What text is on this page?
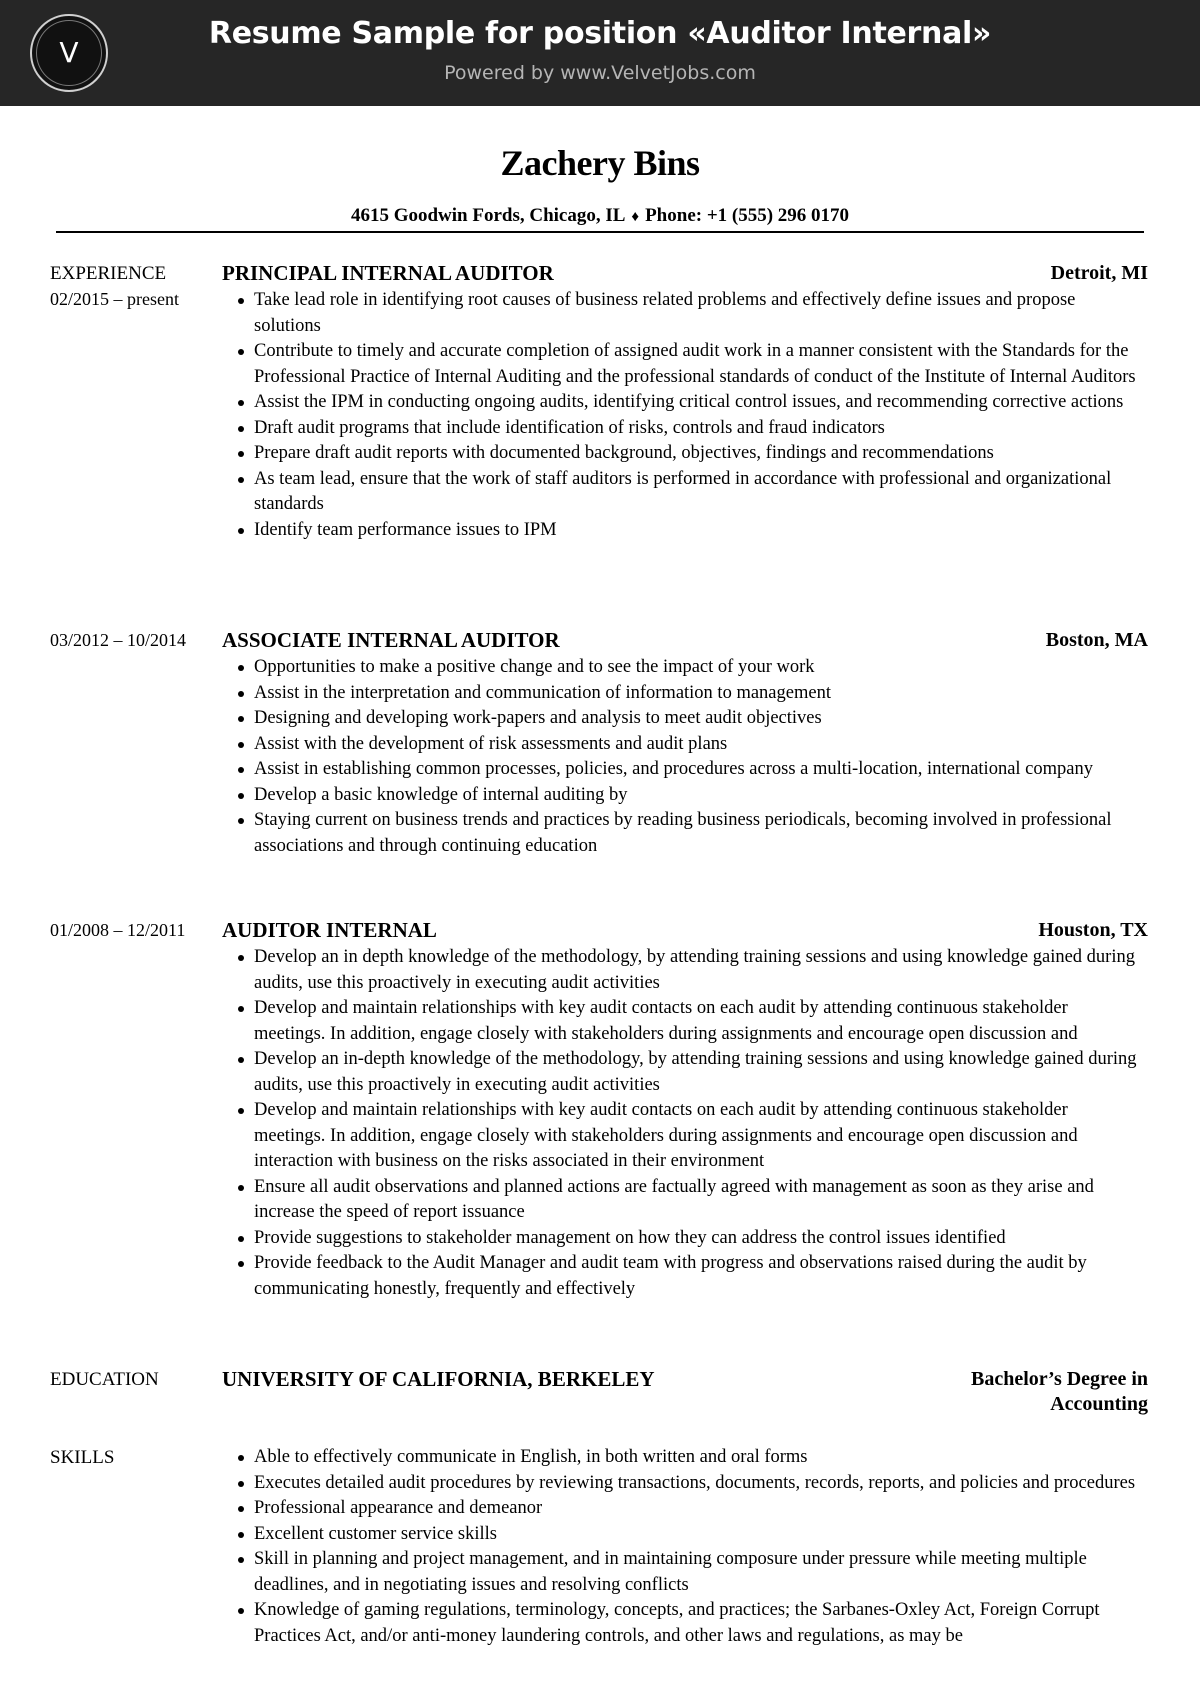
V
Resume Sample for position «Auditor Internal»
Powered by www.VelvetJobs.com
Zachery Bins
4615 Goodwin Fords, Chicago, IL ♦ Phone: +1 (555) 296 0170
EXPERIENCE
02/2015 – present
PRINCIPAL INTERNAL AUDITOR	Detroit, MI
Take lead role in identifying root causes of business related problems and effectively define issues and propose solutions
Contribute to timely and accurate completion of assigned audit work in a manner consistent with the Standards for the Professional Practice of Internal Auditing and the professional standards of conduct of the Institute of Internal Auditors
Assist the IPM in conducting ongoing audits, identifying critical control issues, and recommending corrective actions
Draft audit programs that include identification of risks, controls and fraud indicators
Prepare draft audit reports with documented background, objectives, findings and recommendations
As team lead, ensure that the work of staff auditors is performed in accordance with professional and organizational standards
Identify team performance issues to IPM
03/2012 – 10/2014 ASSOCIATE INTERNAL AUDITOR	Boston, MA
Opportunities to make a positive change and to see the impact of your work
Assist in the interpretation and communication of information to management
Designing and developing work-papers and analysis to meet audit objectives
Assist with the development of risk assessments and audit plans
Assist in establishing common processes, policies, and procedures across a multi-location, international company
Develop a basic knowledge of internal auditing by
Staying current on business trends and practices by reading business periodicals, becoming involved in professional associations and through continuing education
01/2008 – 12/2011 AUDITOR INTERNAL	Houston, TX
Develop an in depth knowledge of the methodology, by attending training sessions and using knowledge gained during audits, use this proactively in executing audit activities
Develop and maintain relationships with key audit contacts on each audit by attending continuous stakeholder meetings. In addition, engage closely with stakeholders during assignments and encourage open discussion and
Develop an in-depth knowledge of the methodology, by attending training sessions and using knowledge gained during audits, use this proactively in executing audit activities
Develop and maintain relationships with key audit contacts on each audit by attending continuous stakeholder meetings. In addition, engage closely with stakeholders during assignments and encourage open discussion and interaction with business on the risks associated in their environment
Ensure all audit observations and planned actions are factually agreed with management as soon as they arise and increase the speed of report issuance
Provide suggestions to stakeholder management on how they can address the control issues identified
Provide feedback to the Audit Manager and audit team with progress and observations raised during the audit by communicating honestly, frequently and effectively
EDUCATION	UNIVERSITY OF CALIFORNIA, BERKELEY	Bachelor’s Degree in Accounting
SKILLS	Able to effectively communicate in English, in both written and oral forms
Executes detailed audit procedures by reviewing transactions, documents, records, reports, and policies and procedures
Professional appearance and demeanor
Excellent customer service skills
Skill in planning and project management, and in maintaining composure under pressure while meeting multiple deadlines, and in negotiating issues and resolving conflicts
Knowledge of gaming regulations, terminology, concepts, and practices; the Sarbanes-Oxley Act, Foreign Corrupt Practices Act, and/or anti-money laundering controls, and other laws and regulations, as may be
